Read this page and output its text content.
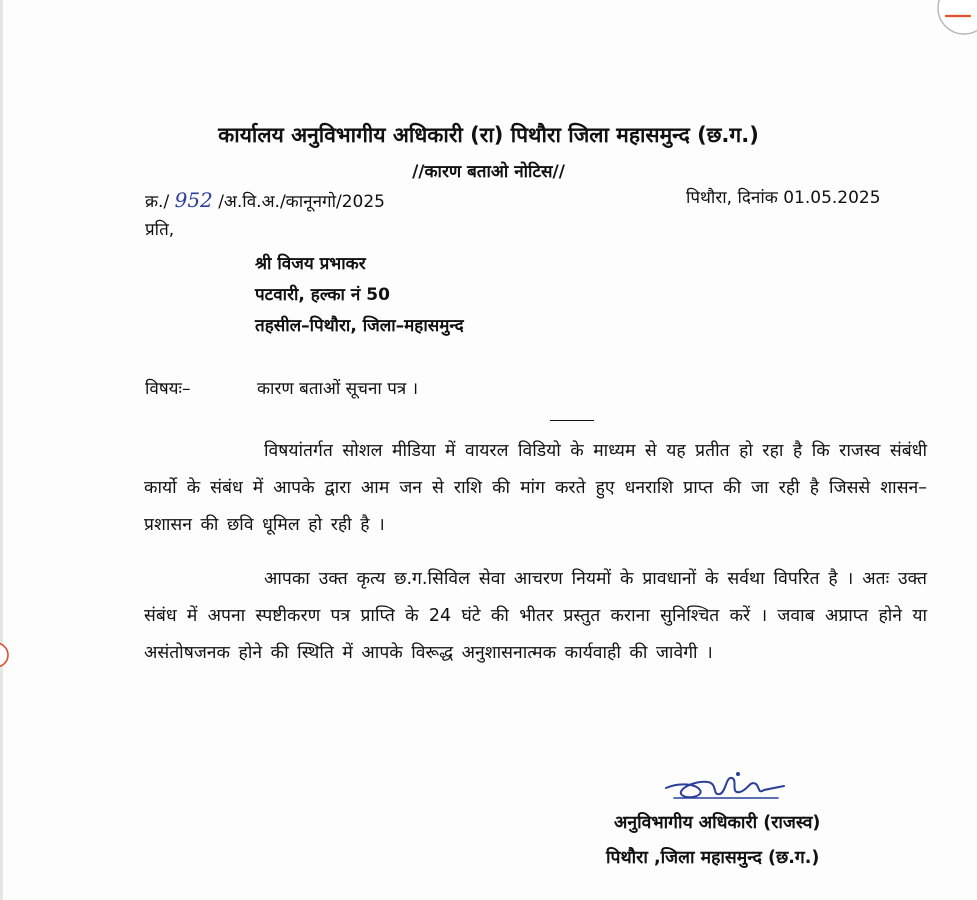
कार्यालय अनुविभागीय अधिकारी (रा) पिथौरा जिला महासमुन्द (छ.ग.)
//कारण बताओ नोटिस//
क्र./ 952 /अ.वि.अ./कानूनगो/2025	पिथौरा, दिनांक 01.05.2025
प्रति,
श्री विजय प्रभाकर
पटवारी, हल्का नं 50
तहसील–पिथौरा, जिला–महासमुन्द
विषयः–	कारण बताओं सूचना पत्र ।
विषयांतर्गत सोशल मीडिया में वायरल विडियो के माध्यम से यह प्रतीत हो रहा है कि राजस्व संबंधी कार्यो के संबंध में आपके द्वारा आम जन से राशि की मांग करते हुए धनराशि प्राप्त की जा रही है जिससे शासन–प्रशासन की छवि धूमिल हो रही है ।
आपका उक्त कृत्य छ.ग.सिविल सेवा आचरण नियमों के प्रावधानों के सर्वथा विपरित है । अतः उक्त संबंध में अपना स्पष्टीकरण पत्र प्राप्ति के 24 घंटे की भीतर प्रस्तुत कराना सुनिश्चित करें । जवाब अप्राप्त होने या असंतोषजनक होने की स्थिति में आपके विरूद्ध अनुशासनात्मक कार्यवाही की जावेगी ।
अनुविभागीय अधिकारी (राजस्व)
पिथौरा ,जिला महासमुन्द (छ.ग.)
